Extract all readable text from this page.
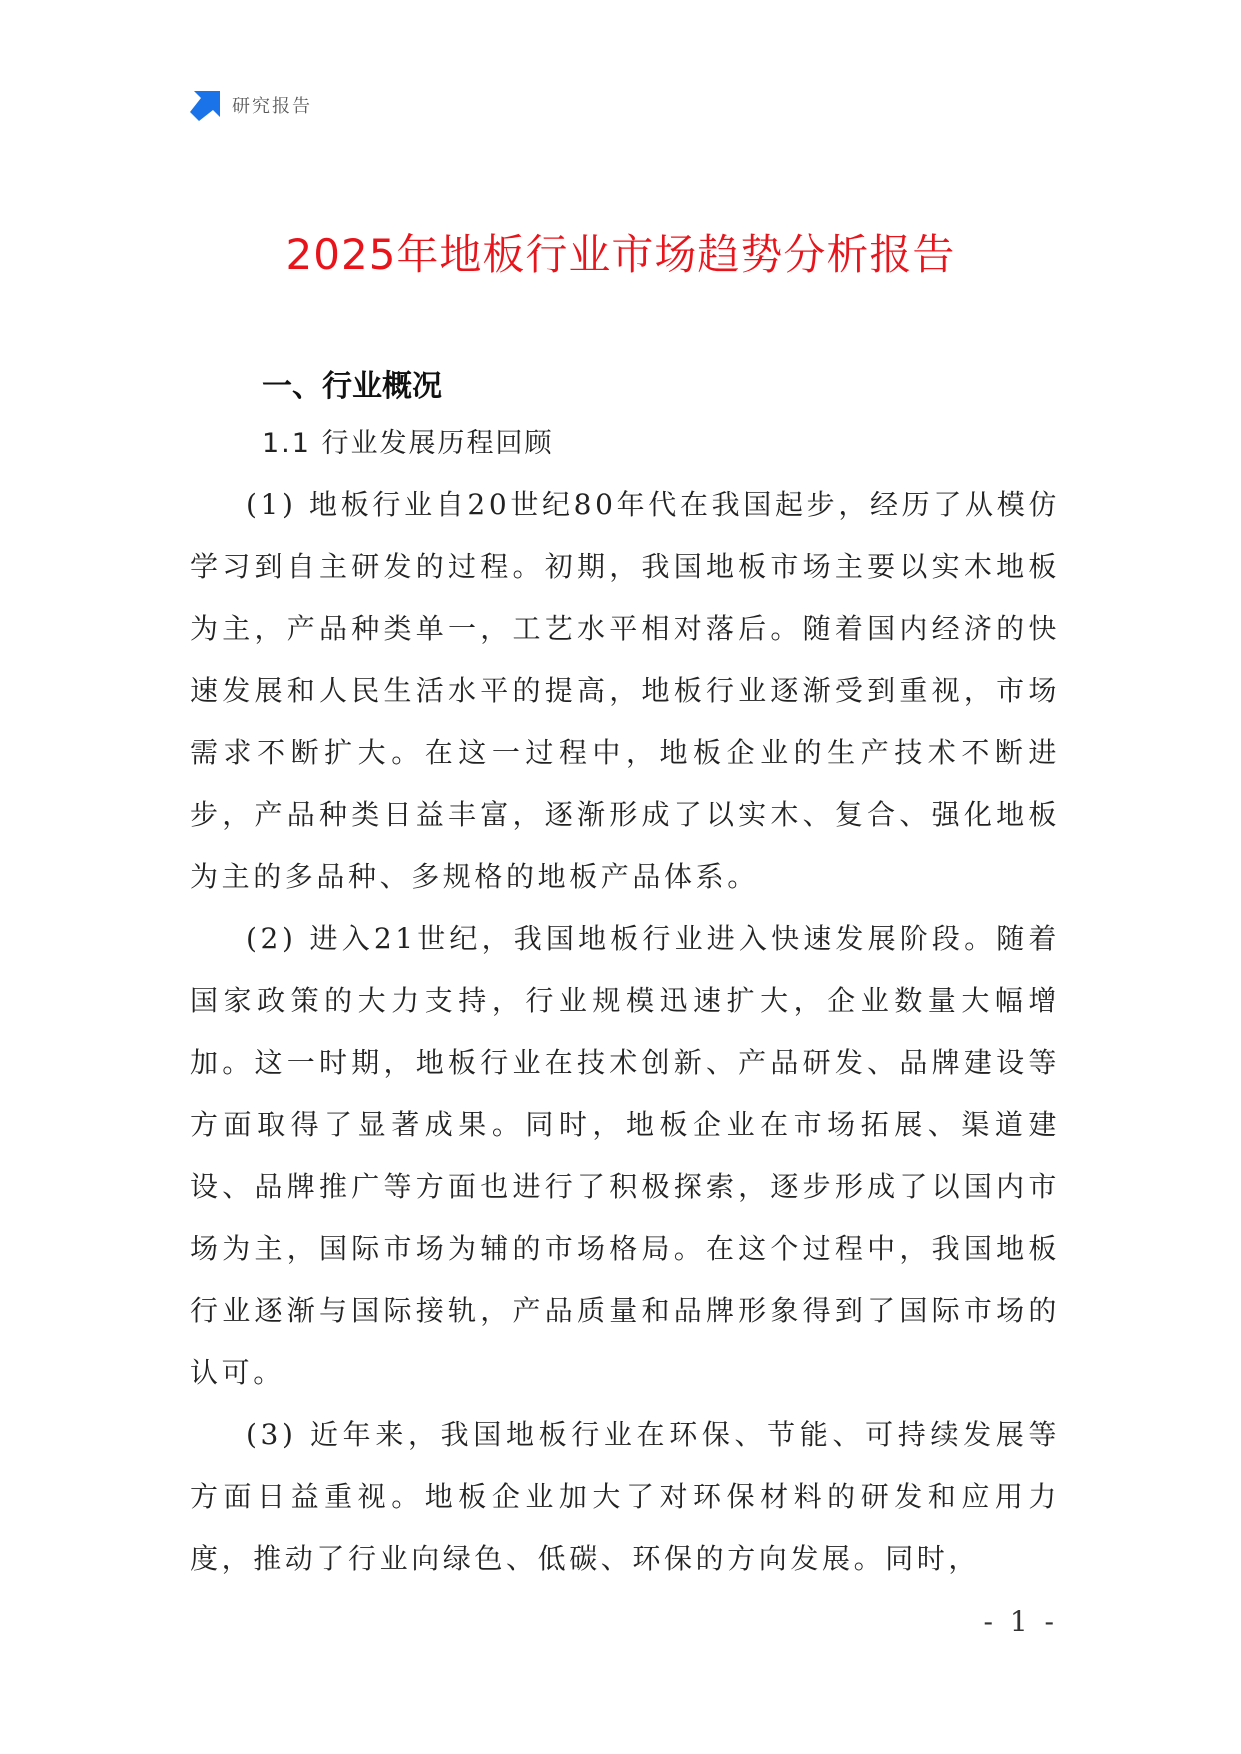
研究报告
2025年地板行业市场趋势分析报告
一、行业概况
1.1 行业发展历程回顾

(1) 地板行业自20世纪80年代在我国起步，经历了从模仿学习到自主研发的过程。初期，我国地板市场主要以实木地板为主，产品种类单一，工艺水平相对落后。随着国内经济的快速发展和人民生活水平的提高，地板行业逐渐受到重视，市场需求不断扩大。在这一过程中，地板企业的生产技术不断进步，产品种类日益丰富，逐渐形成了以实木、复合、强化地板为主的多品种、多规格的地板产品体系。

(2) 进入21世纪，我国地板行业进入快速发展阶段。随着国家政策的大力支持，行业规模迅速扩大，企业数量大幅增加。这一时期，地板行业在技术创新、产品研发、品牌建设等方面取得了显著成果。同时，地板企业在市场拓展、渠道建设、品牌推广等方面也进行了积极探索，逐步形成了以国内市场为主，国际市场为辅的市场格局。在这个过程中，我国地板行业逐渐与国际接轨，产品质量和品牌形象得到了国际市场的认可。

(3) 近年来，我国地板行业在环保、节能、可持续发展等方面日益重视。地板企业加大了对环保材料的研发和应用力度，推动了行业向绿色、低碳、环保的方向发展。同时，

- 1 -
